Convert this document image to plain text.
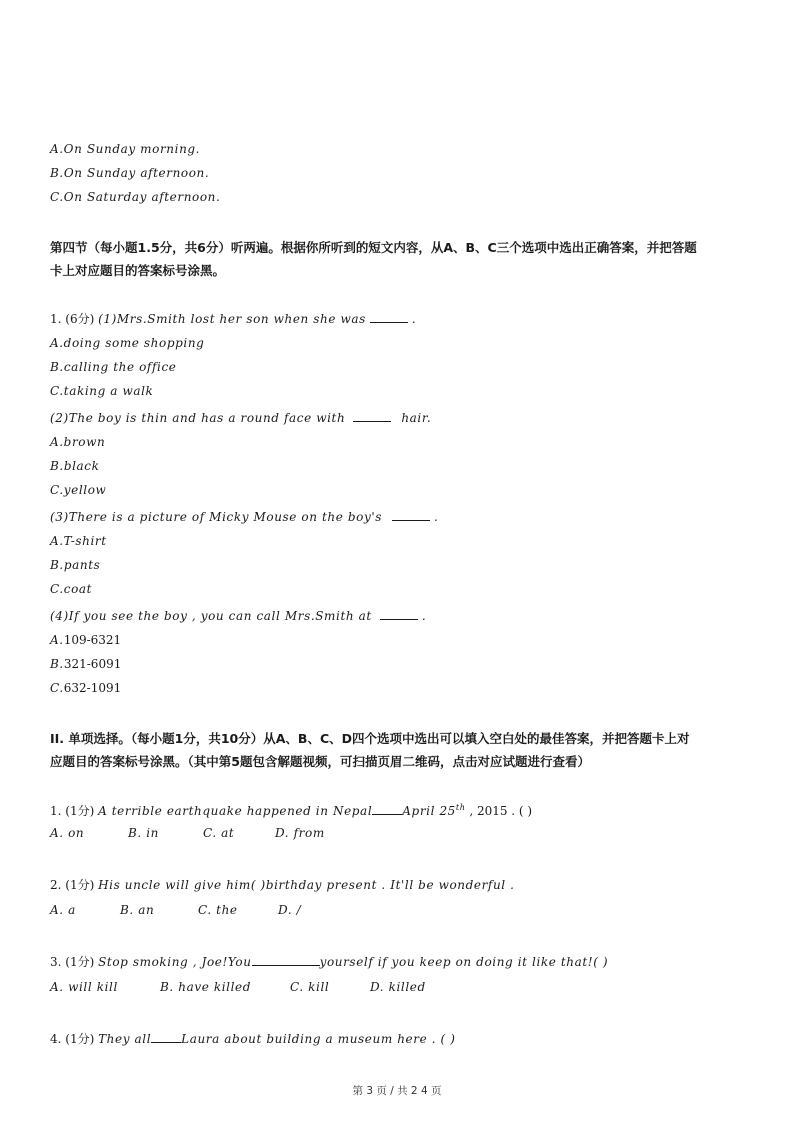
A.On Sunday morning.
B.On Sunday afternoon.
C.On Saturday afternoon.
第四节（每小题1.5分，共6分）听两遍。根据你所听到的短文内容，从A、B、C三个选项中选出正确答案，并把答题
卡上对应题目的答案标号涂黑。
1. (6分) (1)Mrs.Smith lost her son when she was	.
A.doing some shopping
B.calling the office
C.taking a walk
(2)The boy is thin and has a round face with	hair.
A.brown
B.black
C.yellow
(3)There is a picture of Micky Mouse on the boy's	.
A.T-shirt
B.pants
C.coat
(4)If you see the boy , you can call Mrs.Smith at	.
A.109-6321
B.321-6091
C.632-1091
II. 单项选择。（每小题1分，共10分）从A、B、C、D四个选项中选出可以填入空白处的最佳答案，并把答题卡上对
应题目的答案标号涂黑。（其中第5题包含解题视频，可扫描页眉二维码，点击对应试题进行查看）
1. (1分) A terrible earthquake happened in Nepal	April 25th , 2015 . ( )
A. on	B. in	C. at	D. from
2. (1分) His uncle will give him( )birthday present . It'll be wonderful .
A. a	B. an	C. the	D. /
3. (1分) Stop smoking , Joe!You	yourself if you keep on doing it like that!( )
A. will kill	B. have killed	C. kill	D. killed
4. (1分) They all	Laura about building a museum here . ( )
第 3 页 / 共 2 4 页
